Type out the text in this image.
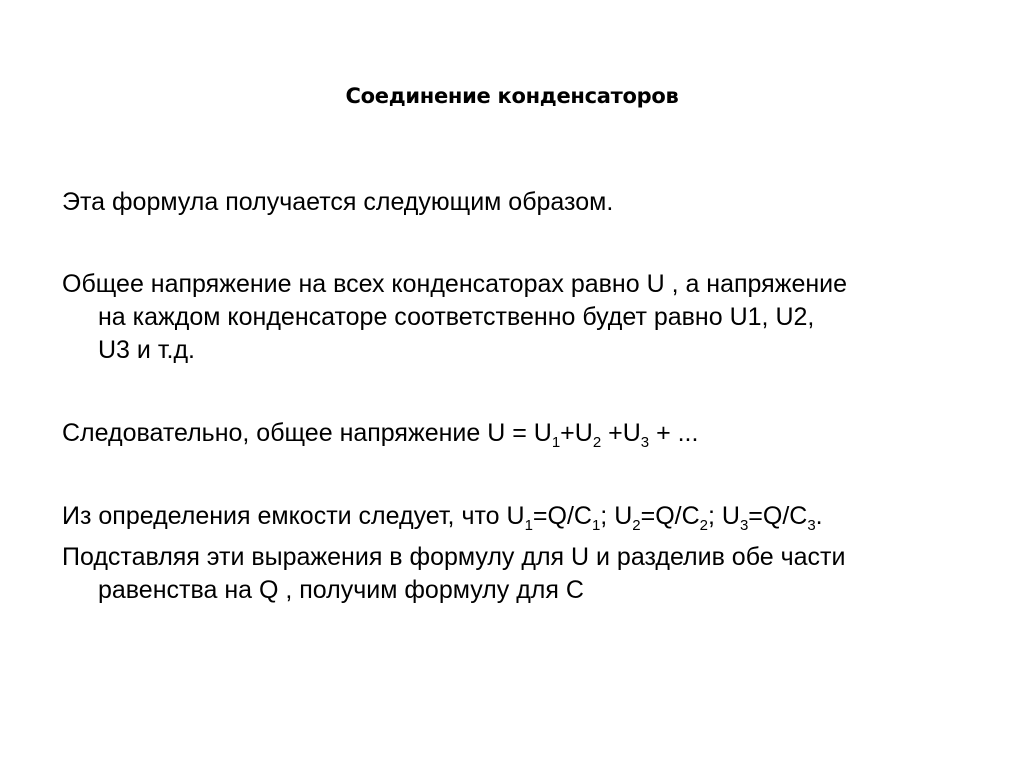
Соединение конденсаторов
Эта формула получается следующим образом.
Общее напряжение на всех конденсаторах равно U , а напряжение
на каждом конденсаторе соответственно будет равно U1, U2,
U3 и т.д.
Следовательно, общее напряжение $U = U_1+U_2 +U_3$ + ...
Из определения емкости следует, что $U_1=Q/C_1$; $U_2=Q/C_2$; $U_3=Q/C_3$.
Подставляя эти выражения в формулу для U и разделив обе части
равенства на Q , получим формулу для С
